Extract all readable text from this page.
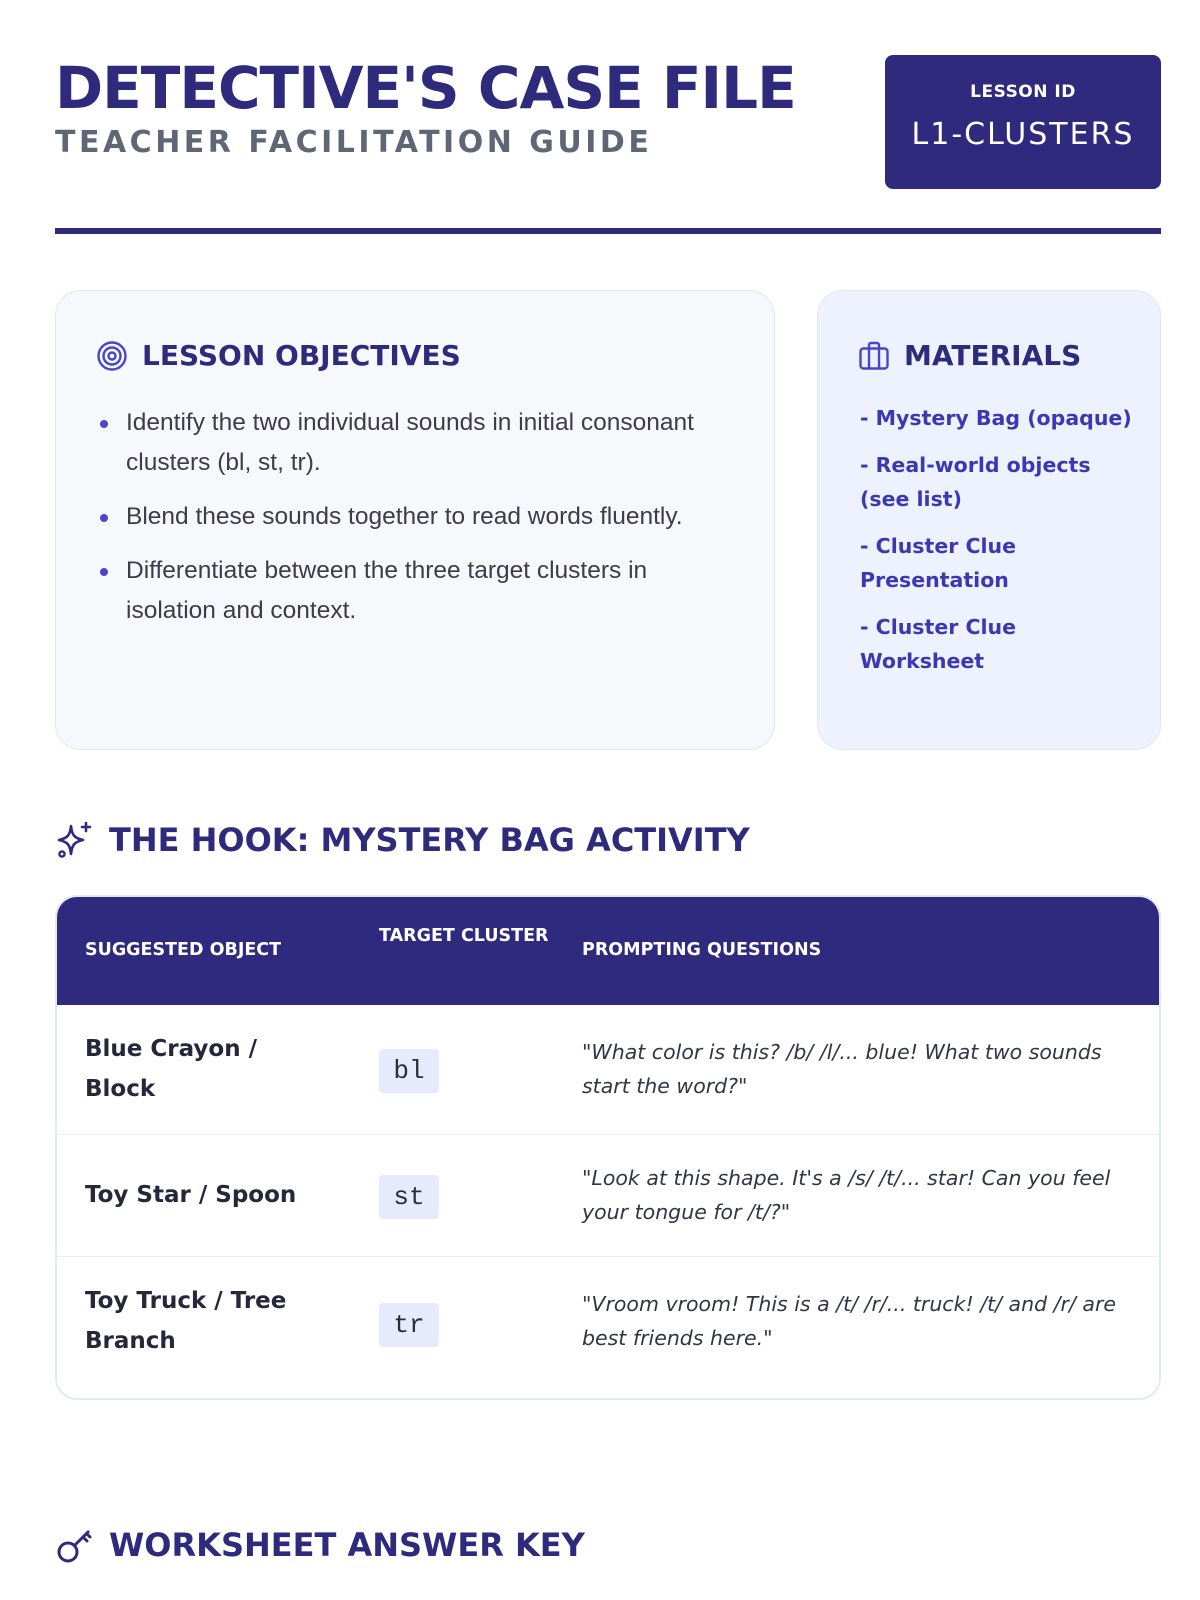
DETECTIVE'S CASE FILE
TEACHER FACILITATION GUIDE
LESSON ID
L1-CLUSTERS
LESSON OBJECTIVES
Identify the two individual sounds in initial consonant clusters (bl, st, tr).
Blend these sounds together to read words fluently.
Differentiate between the three target clusters in isolation and context.
MATERIALS
- Mystery Bag (opaque)
- Real-world objects (see list)
- Cluster Clue Presentation
- Cluster Clue Worksheet
THE HOOK: MYSTERY BAG ACTIVITY
SUGGESTED OBJECT
TARGET CLUSTER
PROMPTING QUESTIONS
Blue Crayon / Block
bl
"What color is this? /b/ /l/... blue! What two sounds start the word?"
Toy Star / Spoon	st
"Look at this shape. It's a /s/ /t/... star! Can you feel your tongue for /t/?"
Toy Truck / Tree Branch
tr
"Vroom vroom! This is a /t/ /r/... truck! /t/ and /r/ are best friends here."
WORKSHEET ANSWER KEY
